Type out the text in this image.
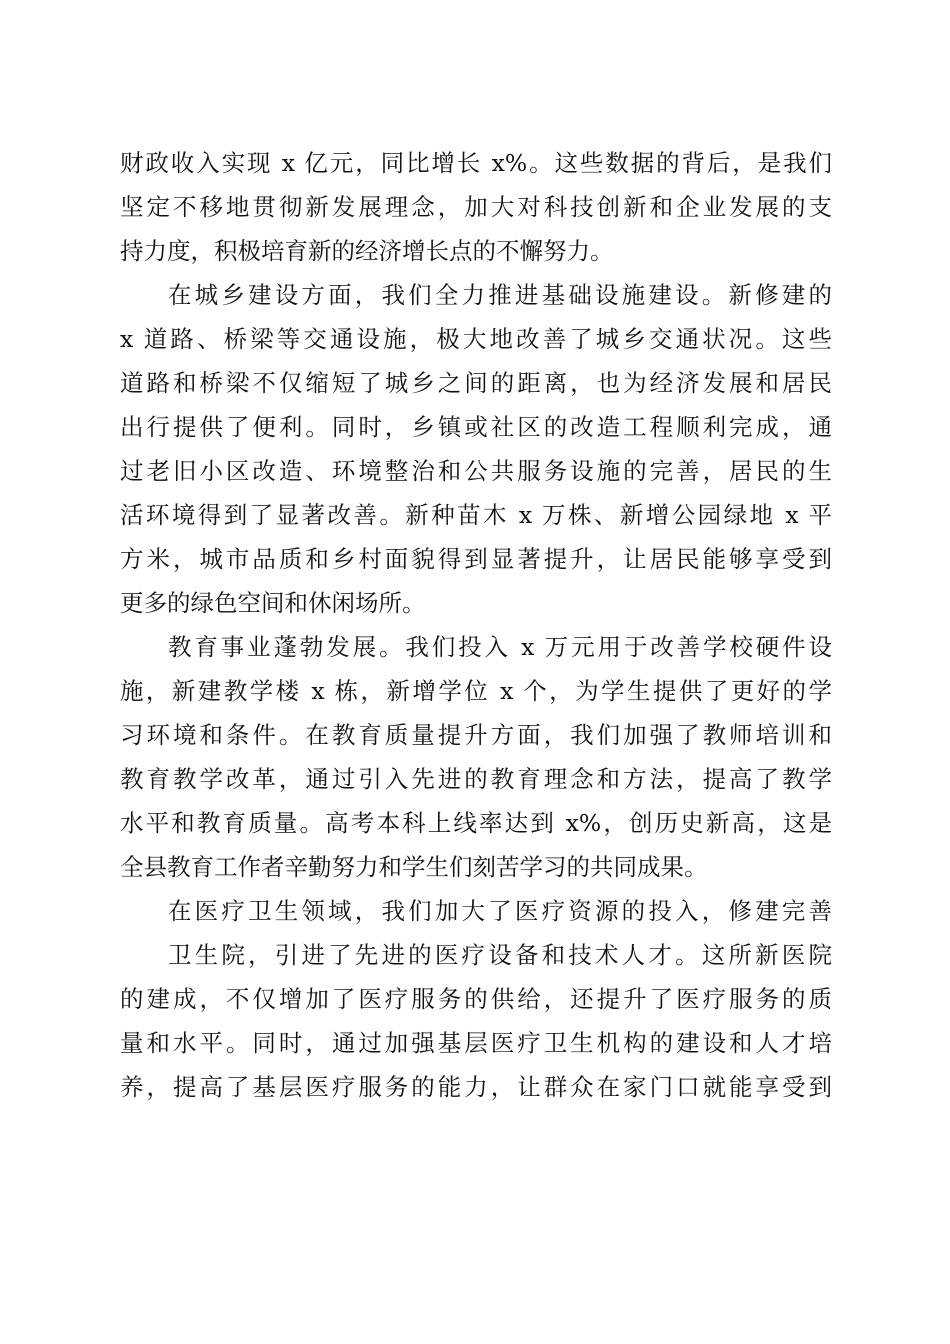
财政收入实现 x 亿元，同比增长 x%。这些数据的背后，是我们
坚定不移地贯彻新发展理念，加大对科技创新和企业发展的支
持力度，积极培育新的经济增长点的不懈努力。
在城乡建设方面，我们全力推进基础设施建设。新修建的
x 道路、桥梁等交通设施，极大地改善了城乡交通状况。这些
道路和桥梁不仅缩短了城乡之间的距离，也为经济发展和居民
出行提供了便利。同时，乡镇或社区的改造工程顺利完成，通
过老旧小区改造、环境整治和公共服务设施的完善，居民的生
活环境得到了显著改善。新种苗木 x 万株、新增公园绿地 x 平
方米，城市品质和乡村面貌得到显著提升，让居民能够享受到
更多的绿色空间和休闲场所。
教育事业蓬勃发展。我们投入 x 万元用于改善学校硬件设
施，新建教学楼 x 栋，新增学位 x 个，为学生提供了更好的学
习环境和条件。在教育质量提升方面，我们加强了教师培训和
教育教学改革，通过引入先进的教育理念和方法，提高了教学
水平和教育质量。高考本科上线率达到 x%，创历史新高，这是
全县教育工作者辛勤努力和学生们刻苦学习的共同成果。
在医疗卫生领域，我们加大了医疗资源的投入，修建完善
卫生院，引进了先进的医疗设备和技术人才。这所新医院
的建成，不仅增加了医疗服务的供给，还提升了医疗服务的质
量和水平。同时，通过加强基层医疗卫生机构的建设和人才培
养，提高了基层医疗服务的能力，让群众在家门口就能享受到
